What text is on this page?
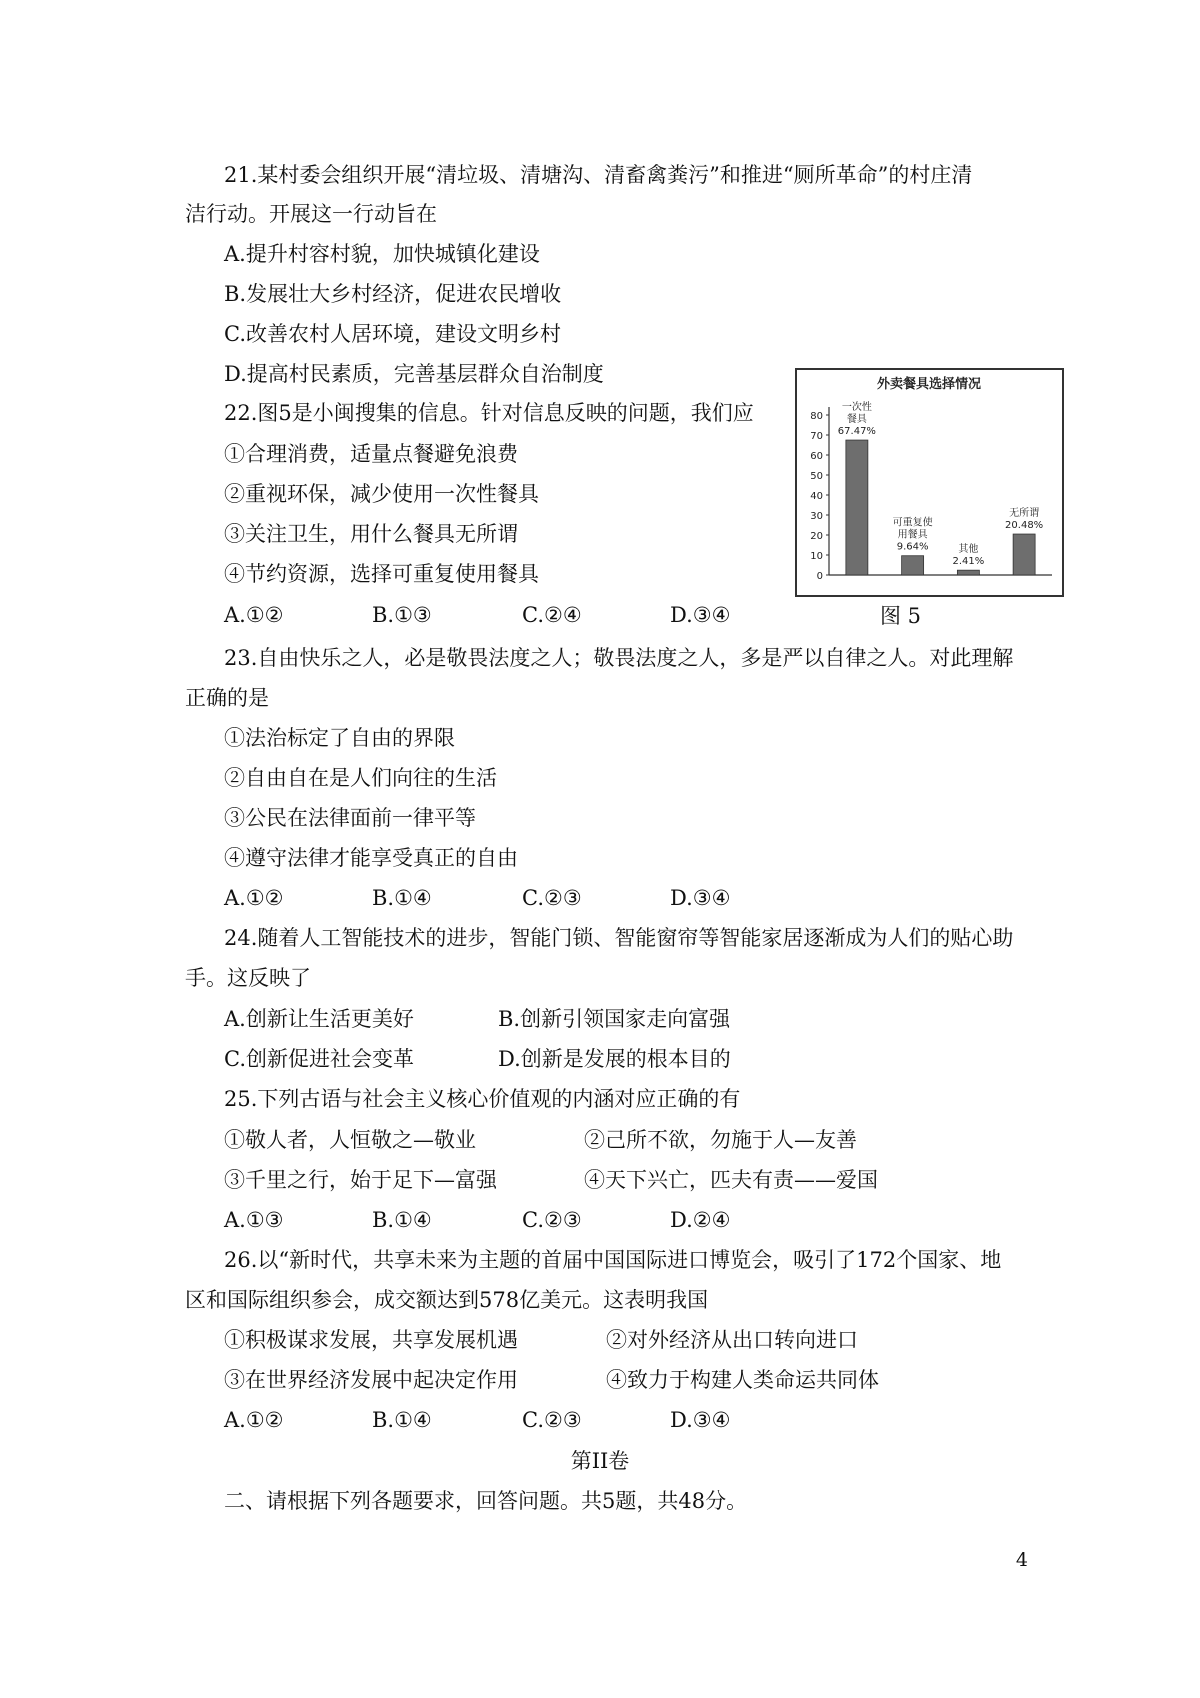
21.某村委会组织开展“清垃圾、清塘沟、清畜禽粪污”和推进“厕所革命”的村庄清
洁行动。开展这一行动旨在
A.提升村容村貌，加快城镇化建设
B.发展壮大乡村经济，促进农民增收
C.改善农村人居环境，建设文明乡村
D.提高村民素质，完善基层群众自治制度
22.图5是小闽搜集的信息。针对信息反映的问题，我们应
①合理消费，适量点餐避免浪费
②重视环保，减少使用一次性餐具
③关注卫生，用什么餐具无所谓
④节约资源，选择可重复使用餐具
A.①②	B.①③	C.②④	D.③④
外卖餐具选择情况
0
10
20
30
40
50
60
70
80
一次性
餐具
67.47%
可重复使
用餐具
9.64%	其他
2.41%
无所谓
20.48%
图 5
23.自由快乐之人，必是敬畏法度之人；敬畏法度之人，多是严以自律之人。对此理解
正确的是
①法治标定了自由的界限
②自由自在是人们向往的生活
③公民在法律面前一律平等
④遵守法律才能享受真正的自由
A.①②	B.①④	C.②③	D.③④
24.随着人工智能技术的进步，智能门锁、智能窗帘等智能家居逐渐成为人们的贴心助
手。这反映了
A.创新让生活更美好	B.创新引领国家走向富强
C.创新促进社会变革	D.创新是发展的根本目的
25.下列古语与社会主义核心价值观的内涵对应正确的有
①敬人者，人恒敬之—敬业	②己所不欲，勿施于人—友善
③千里之行，始于足下—富强	④天下兴亡，匹夫有责——爱国
A.①③	B.①④	C.②③	D.②④
26.以“新时代，共享未来为主题的首届中国国际进口博览会，吸引了172个国家、地
区和国际组织参会，成交额达到578亿美元。这表明我国
①积极谋求发展，共享发展机遇	②对外经济从出口转向进口
③在世界经济发展中起决定作用	④致力于构建人类命运共同体
A.①②	B.①④	C.②③	D.③④
第II卷
二、请根据下列各题要求，回答问题。共5题，共48分。
4
